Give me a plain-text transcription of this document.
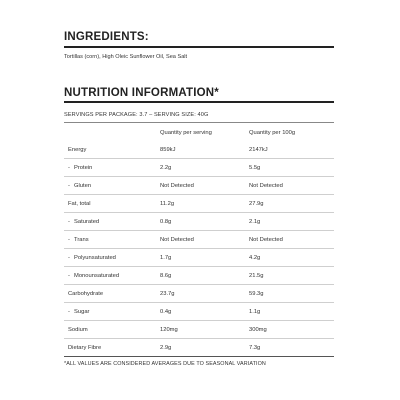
INGREDIENTS:
Tortillas (corn), High Oleic Sunflower Oil, Sea Salt
NUTRITION INFORMATION*
SERVINGS PER PACKAGE: 3.7 – SERVING SIZE: 40G
	Quantity per serving	Quantity per 100g
Energy	859kJ	2147kJ
- Protein	2.2g	5.5g
- Gluten	Not Detected	Not Detected
Fat, total	11.2g	27.9g
- Saturated	0.8g	2.1g
- Trans	Not Detected	Not Detected
- Polyunsaturated	1.7g	4.2g
- Monounsaturated	8.6g	21.5g
Carbohydrate	23.7g	59.3g
- Sugar	0.4g	1.1g
Sodium	120mg	300mg
Dietary Fibre	2.9g	7.3g
*ALL VALUES ARE CONSIDERED AVERAGES DUE TO SEASONAL VARIATION
